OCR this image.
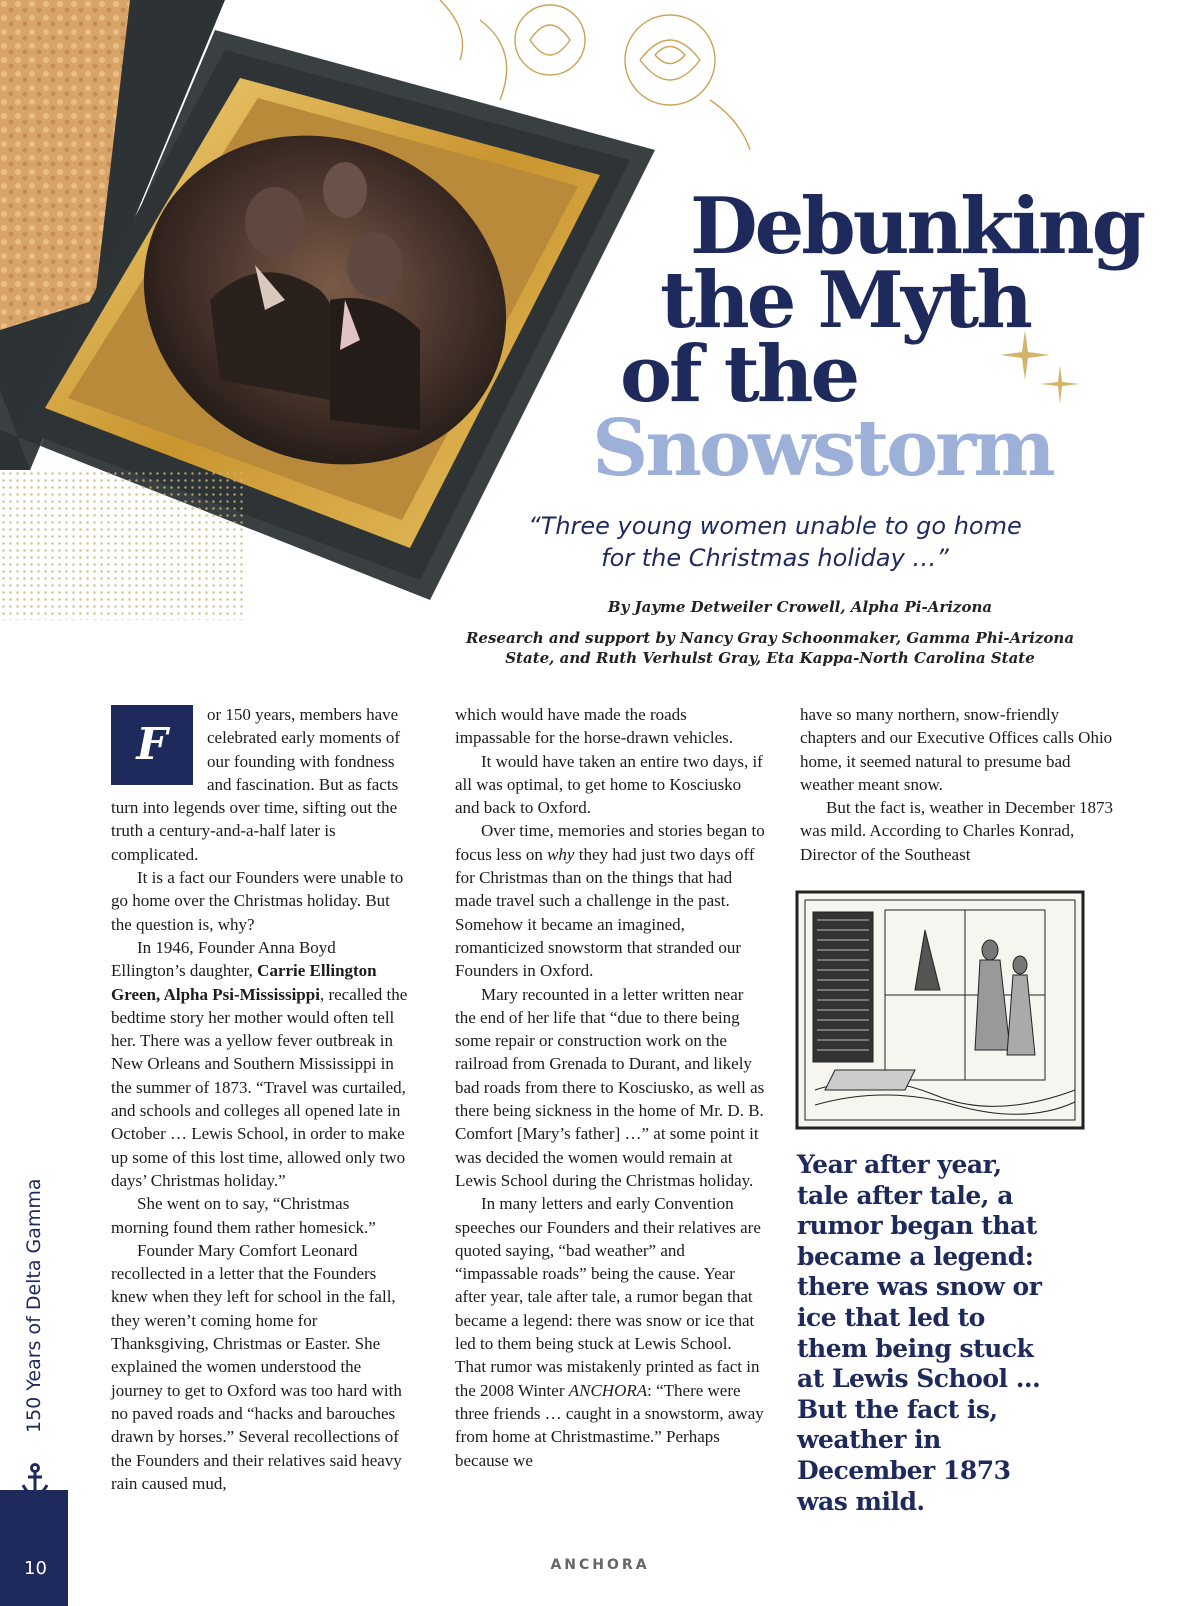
Debunking
the Myth
of the
Snowstorm

“Three young women unable to go home for the Christmas holiday …”

By Jayme Detweiler Crowell, Alpha Pi-Arizona

Research and support by Nancy Gray Schoonmaker, Gamma Phi-Arizona State, and Ruth Verhulst Gray, Eta Kappa-North Carolina State

F

or 150 years, members have celebrated early moments of our founding with fondness and fascination. But as facts turn into legends over time, sifting out the truth a century-and-a-half later is complicated.

It is a fact our Founders were unable to go home over the Christmas holiday. But the question is, why?

In 1946, Founder Anna Boyd Ellington’s daughter, Carrie Ellington Green, Alpha Psi-Mississippi, recalled the bedtime story her mother would often tell her. There was a yellow fever outbreak in New Orleans and Southern Mississippi in the summer of 1873. “Travel was curtailed, and schools and colleges all opened late in October … Lewis School, in order to make up some of this lost time, allowed only two days’ Christmas holiday.”

She went on to say, “Christmas morning found them rather homesick.”

Founder Mary Comfort Leonard recollected in a letter that the Founders knew when they left for school in the fall, they weren’t coming home for Thanksgiving, Christmas or Easter. She explained the women understood the journey to get to Oxford was too hard with no paved roads and “hacks and barouches drawn by horses.” Several recollections of the Founders and their relatives said heavy rain caused mud,

which would have made the roads impassable for the horse-drawn vehicles.

It would have taken an entire two days, if all was optimal, to get home to Kosciusko and back to Oxford.

Over time, memories and stories began to focus less on why they had just two days off for Christmas than on the things that had made travel such a challenge in the past. Somehow it became an imagined, romanticized snowstorm that stranded our Founders in Oxford.

Mary recounted in a letter written near the end of her life that “due to there being some repair or construction work on the railroad from Grenada to Durant, and likely bad roads from there to Kosciusko, as well as there being sickness in the home of Mr. D. B. Comfort [Mary’s father] …” at some point it was decided the women would remain at Lewis School during the Christmas holiday.

In many letters and early Convention speeches our Founders and their relatives are quoted saying, “bad weather” and “impassable roads” being the cause. Year after year, tale after tale, a rumor began that became a legend: there was snow or ice that led to them being stuck at Lewis School. That rumor was mistakenly printed as fact in the 2008 Winter ANCHORA: “There were three friends … caught in a snowstorm, away from home at Christmastime.” Perhaps because we

have so many northern, snow-friendly chapters and our Executive Offices calls Ohio home, it seemed natural to presume bad weather meant snow.

But the fact is, weather in December 1873 was mild. According to Charles Konrad, Director of the Southeast

Year after year, tale after tale, a rumor began that became a legend: there was snow or ice that led to them being stuck at Lewis School … But the fact is, weather in December 1873 was mild.

150 Years of Delta Gamma
10	ANCHORA
